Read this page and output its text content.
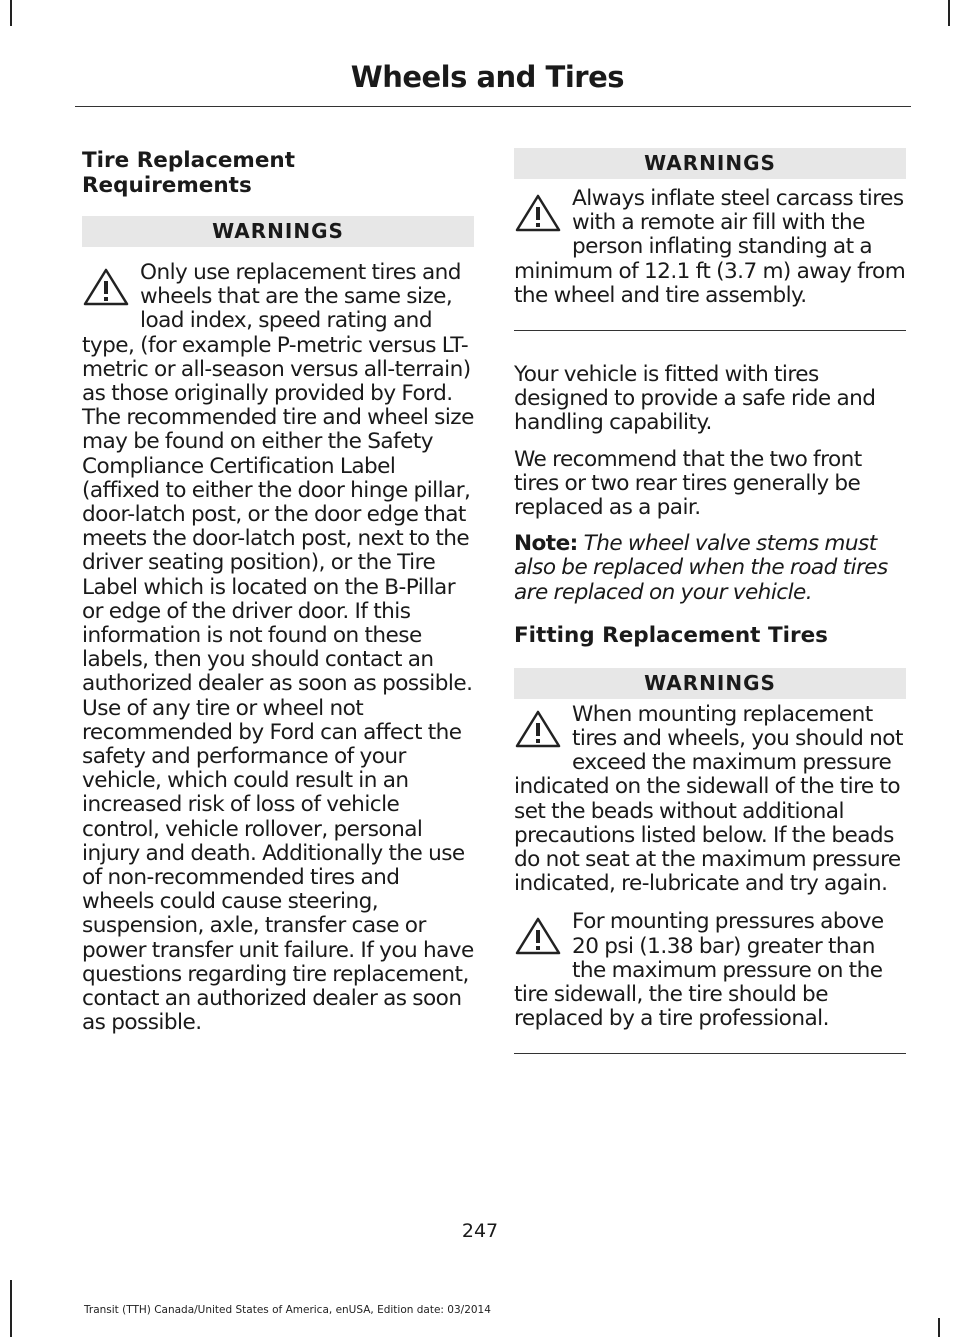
Wheels and Tires

Tire Replacement
Requirements

WARNINGS

Only use replacement tires and wheels that are the same size, load index, speed rating and type, (for example P-metric versus LT-metric or all-season versus all-terrain) as those originally provided by Ford. The recommended tire and wheel size may be found on either the Safety Compliance Certification Label (affixed to either the door hinge pillar, door-latch post, or the door edge that meets the door-latch post, next to the driver seating position), or the Tire Label which is located on the B-Pillar or edge of the driver door. If this information is not found on these labels, then you should contact an authorized dealer as soon as possible. Use of any tire or wheel not recommended by Ford can affect the safety and performance of your vehicle, which could result in an increased risk of loss of vehicle control, vehicle rollover, personal injury and death. Additionally the use of non-recommended tires and wheels could cause steering, suspension, axle, transfer case or power transfer unit failure. If you have questions regarding tire replacement, contact an authorized dealer as soon as possible.

WARNINGS

Always inflate steel carcass tires with a remote air fill with the person inflating standing at a minimum of 12.1 ft (3.7 m) away from the wheel and tire assembly.

Your vehicle is fitted with tires designed to provide a safe ride and handling capability.

We recommend that the two front tires or two rear tires generally be replaced as a pair.

Note: The wheel valve stems must also be replaced when the road tires are replaced on your vehicle.

Fitting Replacement Tires

WARNINGS

When mounting replacement tires and wheels, you should not exceed the maximum pressure indicated on the sidewall of the tire to set the beads without additional precautions listed below. If the beads do not seat at the maximum pressure indicated, re-lubricate and try again.

For mounting pressures above 20 psi (1.38 bar) greater than the maximum pressure on the tire sidewall, the tire should be replaced by a tire professional.

247
Transit (TTH) Canada/United States of America, enUSA, Edition date: 03/2014
